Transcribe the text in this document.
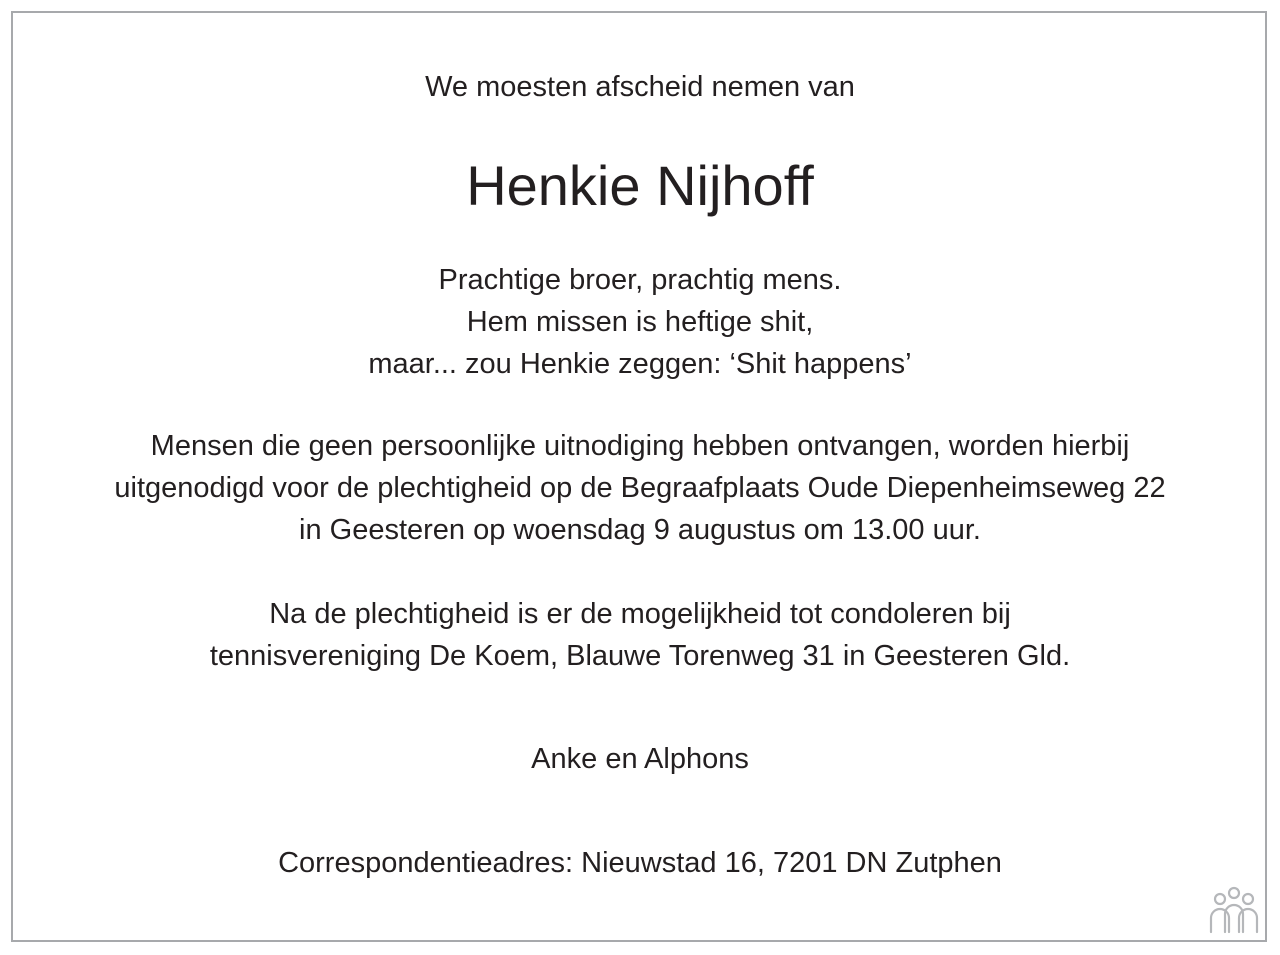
We moesten afscheid nemen van
Henkie Nijhoff
Prachtige broer, prachtig mens.
Hem missen is heftige shit,
maar... zou Henkie zeggen: ‘Shit happens’
Mensen die geen persoonlijke uitnodiging hebben ontvangen, worden hierbij
uitgenodigd voor de plechtigheid op de Begraafplaats Oude Diepenheimseweg 22
in Geesteren op woensdag 9 augustus om 13.00 uur.
Na de plechtigheid is er de mogelijkheid tot condoleren bij
tennisvereniging De Koem, Blauwe Torenweg 31 in Geesteren Gld.
Anke en Alphons
Correspondentieadres: Nieuwstad 16, 7201 DN Zutphen
